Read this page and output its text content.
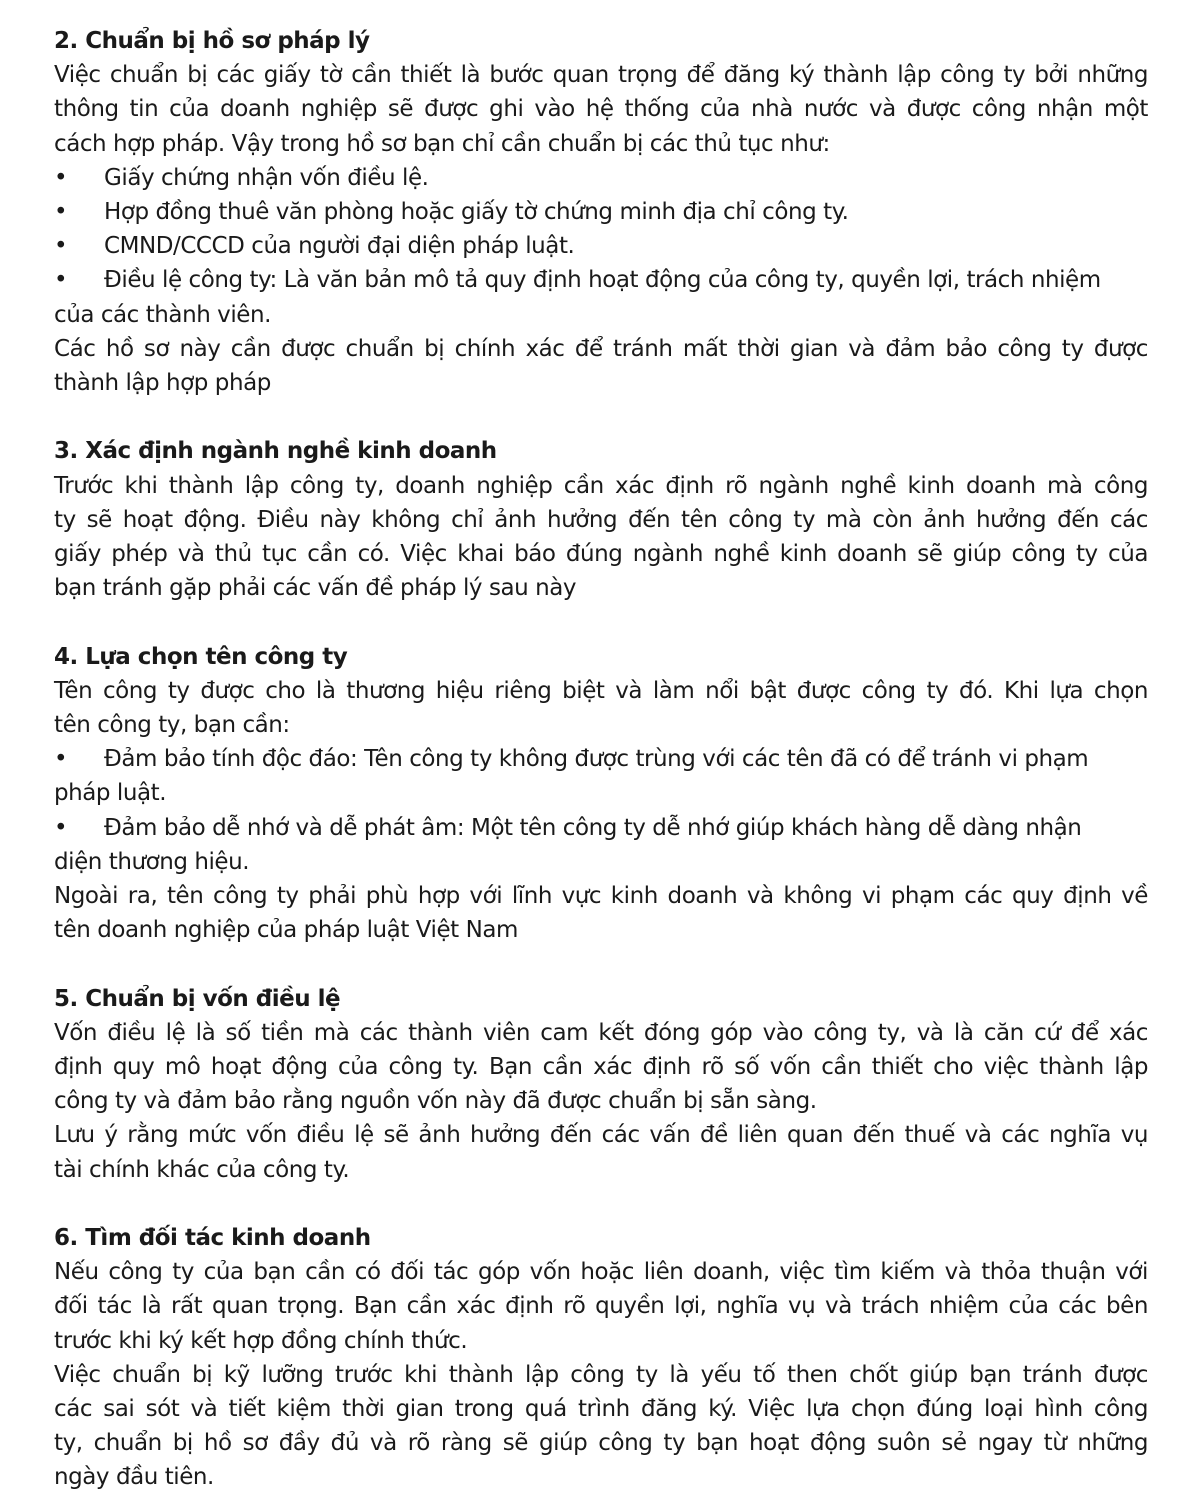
2. Chuẩn bị hồ sơ pháp lý
Việc chuẩn bị các giấy tờ cần thiết là bước quan trọng để đăng ký thành lập công ty bởi những
thông tin của doanh nghiệp sẽ được ghi vào hệ thống của nhà nước và được công nhận một
cách hợp pháp. Vậy trong hồ sơ bạn chỉ cần chuẩn bị các thủ tục như:
•	Giấy chứng nhận vốn điều lệ.
•	Hợp đồng thuê văn phòng hoặc giấy tờ chứng minh địa chỉ công ty.
•	CMND/CCCD của người đại diện pháp luật.
•	Điều lệ công ty: Là văn bản mô tả quy định hoạt động của công ty, quyền lợi, trách nhiệm
của các thành viên.
Các hồ sơ này cần được chuẩn bị chính xác để tránh mất thời gian và đảm bảo công ty được
thành lập hợp pháp
3. Xác định ngành nghề kinh doanh
Trước khi thành lập công ty, doanh nghiệp cần xác định rõ ngành nghề kinh doanh mà công
ty sẽ hoạt động. Điều này không chỉ ảnh hưởng đến tên công ty mà còn ảnh hưởng đến các
giấy phép và thủ tục cần có. Việc khai báo đúng ngành nghề kinh doanh sẽ giúp công ty của
bạn tránh gặp phải các vấn đề pháp lý sau này
4. Lựa chọn tên công ty
Tên công ty được cho là thương hiệu riêng biệt và làm nổi bật được công ty đó. Khi lựa chọn
tên công ty, bạn cần:
•	Đảm bảo tính độc đáo: Tên công ty không được trùng với các tên đã có để tránh vi phạm
pháp luật.
•	Đảm bảo dễ nhớ và dễ phát âm: Một tên công ty dễ nhớ giúp khách hàng dễ dàng nhận
diện thương hiệu.
Ngoài ra, tên công ty phải phù hợp với lĩnh vực kinh doanh và không vi phạm các quy định về
tên doanh nghiệp của pháp luật Việt Nam
5. Chuẩn bị vốn điều lệ
Vốn điều lệ là số tiền mà các thành viên cam kết đóng góp vào công ty, và là căn cứ để xác
định quy mô hoạt động của công ty. Bạn cần xác định rõ số vốn cần thiết cho việc thành lập
công ty và đảm bảo rằng nguồn vốn này đã được chuẩn bị sẵn sàng.
Lưu ý rằng mức vốn điều lệ sẽ ảnh hưởng đến các vấn đề liên quan đến thuế và các nghĩa vụ
tài chính khác của công ty.
6. Tìm đối tác kinh doanh
Nếu công ty của bạn cần có đối tác góp vốn hoặc liên doanh, việc tìm kiếm và thỏa thuận với
đối tác là rất quan trọng. Bạn cần xác định rõ quyền lợi, nghĩa vụ và trách nhiệm của các bên
trước khi ký kết hợp đồng chính thức.
Việc chuẩn bị kỹ lưỡng trước khi thành lập công ty là yếu tố then chốt giúp bạn tránh được
các sai sót và tiết kiệm thời gian trong quá trình đăng ký. Việc lựa chọn đúng loại hình công
ty, chuẩn bị hồ sơ đầy đủ và rõ ràng sẽ giúp công ty bạn hoạt động suôn sẻ ngay từ những
ngày đầu tiên.
